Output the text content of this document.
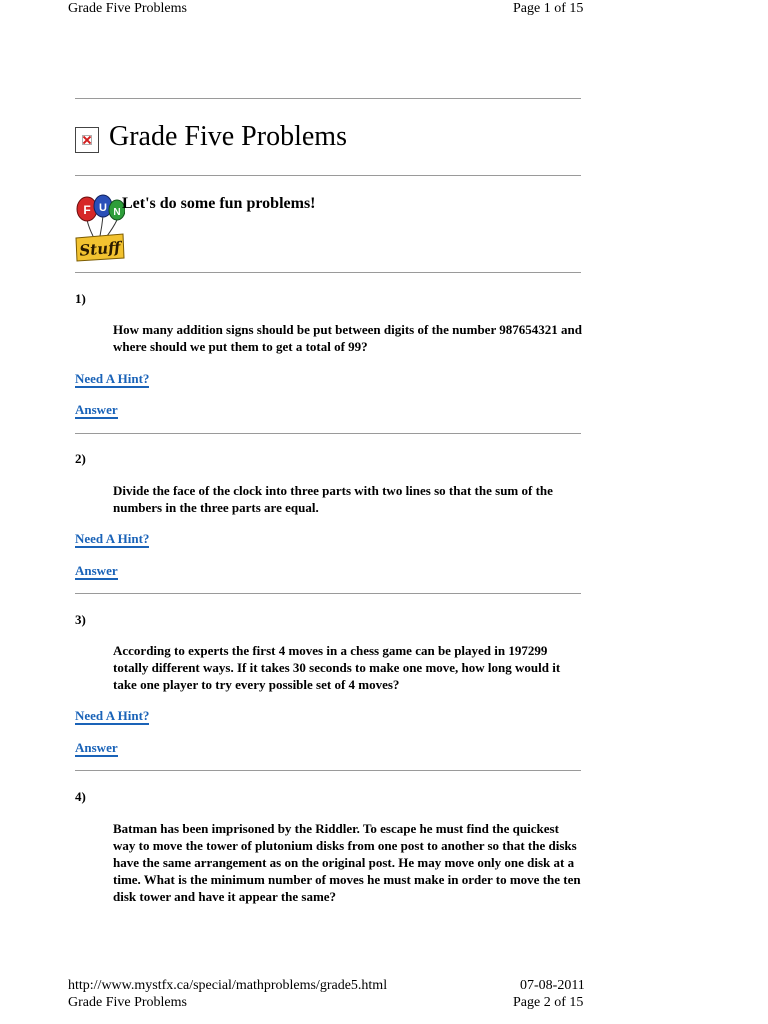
Grade Five Problems	Page 1 of 15
Grade Five Problems
F U N
Stuff
Let's do some fun problems!
1)
How many addition signs should be put between digits of the number 987654321 and where should we put them to get a total of 99?
Need A Hint?
Answer
2)
Divide the face of the clock into three parts with two lines so that the sum of the numbers in the three parts are equal.
Need A Hint?
Answer
3)
According to experts the first 4 moves in a chess game can be played in 197299 totally different ways. If it takes 30 seconds to make one move, how long would it take one player to try every possible set of 4 moves?
Need A Hint?
Answer
4)
Batman has been imprisoned by the Riddler. To escape he must find the quickest way to move the tower of plutonium disks from one post to another so that the disks have the same arrangement as on the original post. He may move only one disk at a time. What is the minimum number of moves he must make in order to move the ten disk tower and have it appear the same?
http://www.mystfx.ca/special/mathproblems/grade5.html	07-08-2011
Grade Five Problems	Page 2 of 15
